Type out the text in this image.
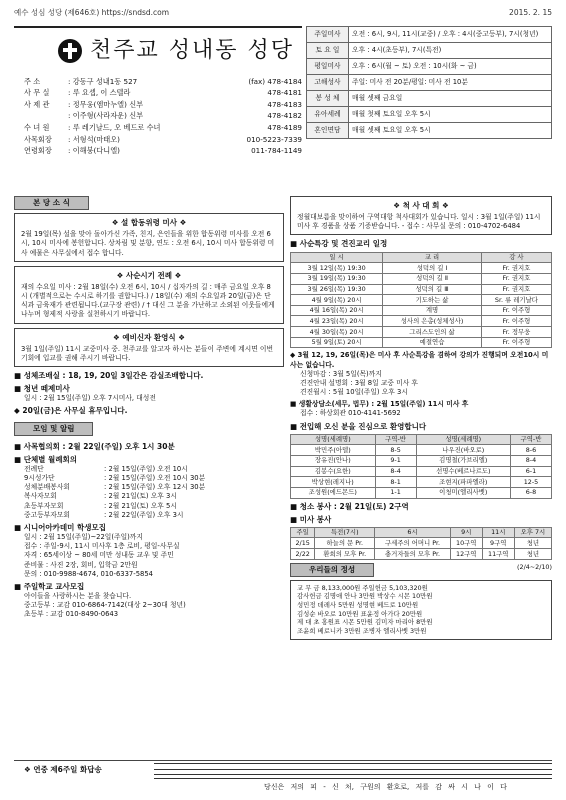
예수 성심 성당 (제646호) https://sndsd.com	2015. 2. 15
천주교 성내동 성당
주 소	: 강동구 성내1동 527	(fax) 478-4184
사 무 실	: 루 요셉, 이 스텔라	478-4181
사 제 관	: 정무웅(엠마누엘) 신부	478-4183
: 이주형(사라자운) 신부	478-4182
수 녀 원	: 루 레기날드, 오 베드로 수녀	478-4189
사목회장	: 서형석(마태오)	010-5223-7339
연령회장	: 이해붕(다니엘)	011-784-1149
주일미사	오전 : 6시, 9시, 11시(교중) / 오후 : 4시(중고등부), 7시(청년)
토 요 일	오후 : 4시(초등부), 7시(특전)
평일미사	오후 : 6시(월 ~ 토) 오전 : 10시(화 ~ 금)
고해성사	주일: 미사 전 20분/평일: 미사 전 10분
봉 성 체	매월 셋째 금요일
유아세례	매월 첫째 토요일 오후 5시
혼인면담	매월 셋째 토요일 오후 5시
본 당 소 식
❖ 설 합동위령 미사 ❖

2월 19일(목) 설을 맞아 돌아가신 가족, 친지, 은인들을 위한 합동위령 미사를 오전 6시, 10시 미사에 봉헌합니다. 상차림 및 분향, 연도 : 오전 6시, 10시 미사 합동위령 미사 예물은 사무실에서 접수 합니다.

❖ 사순시기 전례 ❖

재의 수요일 미사 : 2월 18일(수) 오전 6시, 10시 / 십자가의 길 : 매주 금요일 오후 8시 (개별적으로는 수시로 하기를 권합니다.) / 18일(수) 재의 수요일과 20일(금)은 단식과 금육재가 관련됩니다.(교구장 관련) / † 대신 그 분을 가난하고 소외된 이웃들에게 나누며 형제적 사랑을 실천하시기 바랍니다.

❖ 예비신자 환영식 ❖

3월 1일(주일) 11시 교중미사 중. 천주교를 알고자 하시는 분들이 주변에 계시면 이번 기회에 입교를 권해 주시기 바랍니다.

■ 성체조배실 : 18, 19, 20일 3일간은 감실조배합니다.
■ 청년 떼제미사
일시 : 2월 15일(주일) 오후 7시미사, 대성전
◆ 20일(금)은 사무실 휴무입니다.
모임 및 알림
■ 사목협의회 : 2월 22일(주일) 오후 1시 30분
■ 단체별 월례회의
전례단	: 2월 15일(주일) 오전 10시
9시성가단	: 2월 15일(주일) 오전 10시 30분
성체분배봉사회	: 2월 15일(주일) 오후 12시 30분
복사자모회	: 2월 21일(토) 오후 3시
초등부자모회	: 2월 21일(토) 오후 5시
중고등부자모회	: 2월 22일(주일) 오후 3시
■ 시니어아카데미 학생모집
일시 : 2월 15일(주일)~22일(주일)까지
접수 : 주일-9시, 11시 미사후 1층 로비, 평일-사무실
자격 : 65세이상 ~ 80세 미만 성내동 교우 및 주민
준비물 : 사진 2장, 회비, 입학금 2만원
문의 : 010-9988-4674, 010-6337-5854
■ 주일학교 교사모집
아이들을 사랑하시는 분을 찾습니다.
중고등부 : 교감 010-6864-7142(대상 2~30대 청년)
초등부 : 교감 010-8490-0643
❖ 척 사 대 회 ❖

정월대보름을 맞이하여 구역대항 척사대회가 있습니다. 일시 : 3월 1일(주일) 11시 미사 후 경품을 상품 기증받습니다. - 접수 : 사무실 문의 : 010-4702-6484

■ 사순특강 및 견진교리 일정
일 시	교 리	강 사
3월 12일(목) 19:30	성덕의 길 Ⅰ	Fr. 권지호
3월 19일(목) 19:30	성덕의 길 Ⅱ	Fr. 권지호
3월 26일(목) 19:30	성덕의 길 Ⅲ	Fr. 권지호
4월 9일(목) 20시	기도하는 삶	Sr. 류 레기날다
4월 16일(목) 20시	계명	Fr. 이주형
4월 23일(목) 20시	성사의 은총(성체성사)	Fr. 이주형
4월 30일(목) 20시	그리스도인의 삶	Fr. 정무웅
5월 9일(토) 20시	예절연습	Fr. 이주형
◆ 3월 12, 19, 26일(목)은 미사 후 사순특강을 겸하여 강의가 진행되며 오전10시 미사는 없습니다.
신청마감 : 3월 5일(목)까지
견진안내 설명회 : 3월 8일 교중 미사 후
견진월시 : 5월 10일(주일) 오후 3시
■ 생활상담소(세무, 법무) : 2월 15일(주일) 11시 미사 후
접수 : 하상회관 010-4141-5692
■ 전입해 오신 분을 진심으로 환영합니다
성명(세례명)	구역-반	성명(세례명)	구역-반
박민주(아델)	8-5	나우진(바오로)	8-6
장유진(안나)	9-1	김명철(가브리엘)	8-4
김봉수(요한)	8-4	선명수(베르나르도)	6-1
박상현(레지나)	8-1	조현지(파파엘라)	12-5
조성원(에드몬드)	1-1	이청미(엘리사벳)	6-8
■ 청소 봉사 : 2월 21일(토) 2구역
■ 미사 봉사
주일	특전(7시)	6시	9시	11시	오후 7시
2/15	하늘의 문 Pr.	구세주의 어머니 Pr.	10구역	9구역	청년
2/22	환희의 모후 Pr.	충거자들의 모후 Pr.	12구역	11구역	청년
우리들의 정성	(2/4~2/10)
교 무 금 8,133,000원 주일헌금 5,103,320원
감사헌금 김명애 안나 3만원 박상수 시몬 10만원
성민정 데레사 5만원 성명현 베드로 10만원
김성순 바오로 10만원 표윤정 아가다 20만원
제 대 초 홍원표 시몬 5만원 김미자 마리아 8만원
조윤희 베로니카 3만원 조병자 엘리사벳 3만원
❖ 연중 제6주일 화답송
당신은 저의 피 - 신 처, 구원의 환호로, 저를 감 싸 시 나 이 다
